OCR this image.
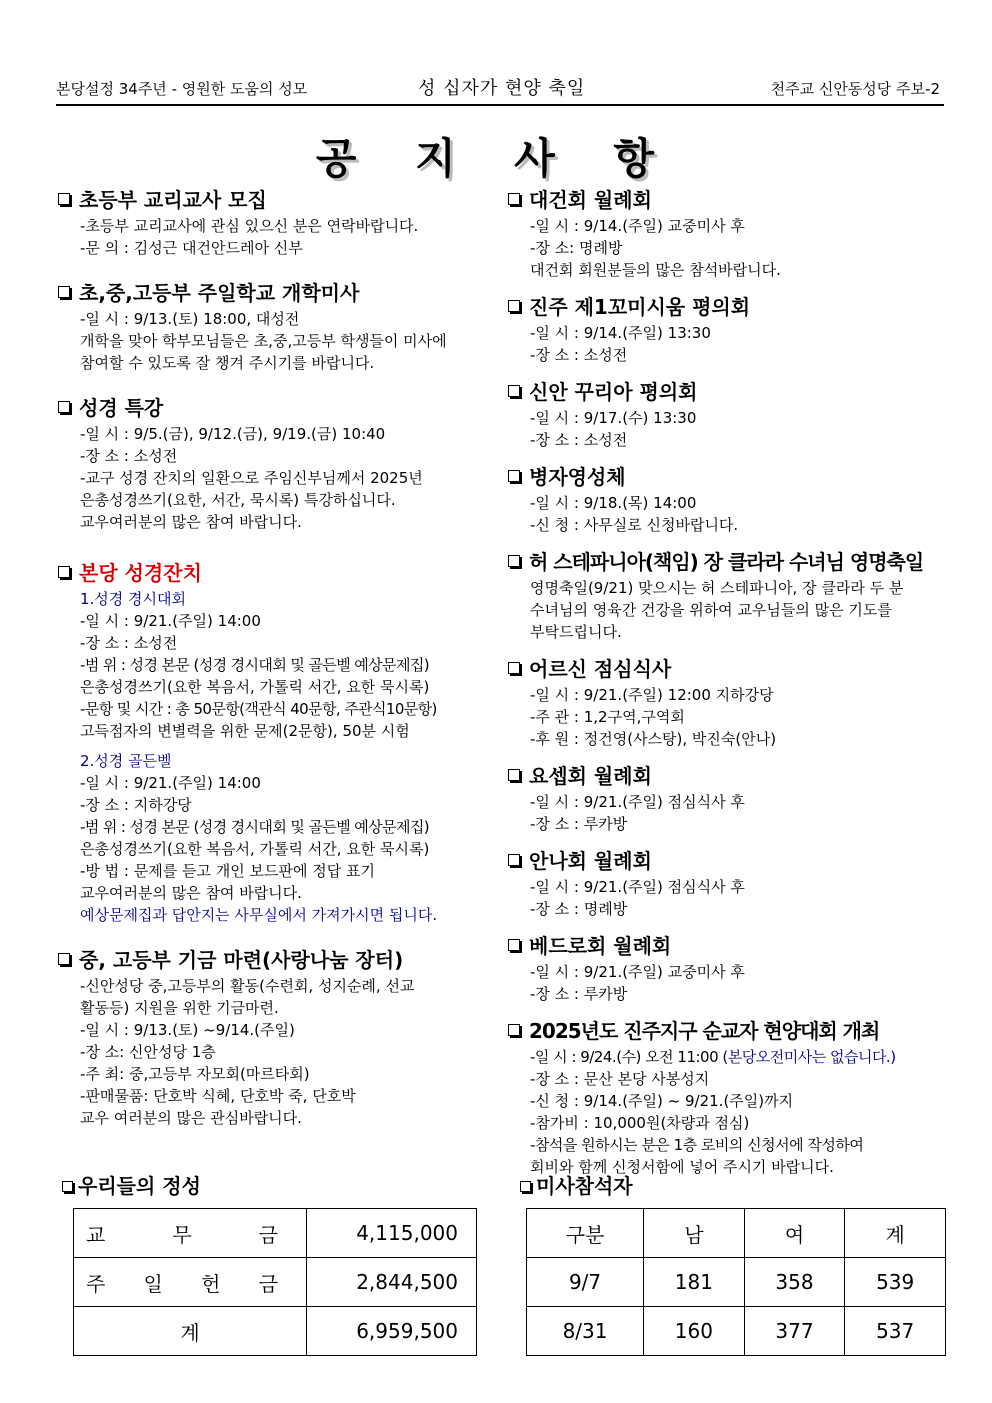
본당설정 34주년 - 영원한 도움의 성모	성 십자가 현양 축일	천주교 신안동성당 주보-2
공 지 사 항
초등부 교리교사 모집
-초등부 교리교사에 관심 있으신 분은 연락바랍니다.
-문 의 : 김성근 대건안드레아 신부
초,중,고등부 주일학교 개학미사
-일 시 : 9/13.(토) 18:00, 대성전
개학을 맞아 학부모님들은 초,중,고등부 학생들이 미사에
참여할 수 있도록 잘 챙겨 주시기를 바랍니다.
성경 특강
-일 시 : 9/5.(금), 9/12.(금), 9/19.(금) 10:40
-장 소 : 소성전
-교구 성경 잔치의 일환으로 주임신부님께서 2025년
은총성경쓰기(요한, 서간, 묵시록) 특강하십니다.
교우여러분의 많은 참여 바랍니다.
본당 성경잔치
1.성경 경시대회
-일 시 : 9/21.(주일) 14:00
-장 소 : 소성전
-범 위 : 성경 본문 (성경 경시대회 및 골든벨 예상문제집)
은총성경쓰기(요한 복음서, 가톨릭 서간, 요한 묵시록)
-문항 및 시간 : 총 50문항(객관식 40문항, 주관식10문항)
고득점자의 변별력을 위한 문제(2문항), 50분 시험
2.성경 골든벨
-일 시 : 9/21.(주일) 14:00
-장 소 : 지하강당
-범 위 : 성경 본문 (성경 경시대회 및 골든벨 예상문제집)
은총성경쓰기(요한 복음서, 가톨릭 서간, 요한 묵시록)
-방 법 : 문제를 듣고 개인 보드판에 정답 표기
교우여러분의 많은 참여 바랍니다.
예상문제집과 답안지는 사무실에서 가져가시면 됩니다.
중, 고등부 기금 마련(사랑나눔 장터)
-신안성당 중,고등부의 활동(수련회, 성지순례, 선교
활동등) 지원을 위한 기금마련.
-일 시 : 9/13.(토) ~9/14.(주일)
-장 소: 신안성당 1층
-주 최: 중,고등부 자모회(마르타회)
-판매물품: 단호박 식혜, 단호박 죽, 단호박
교우 여러분의 많은 관심바랍니다.
대건회 월례회
-일 시 : 9/14.(주일) 교중미사 후
-장 소: 명례방
대건회 회원분들의 많은 참석바랍니다.
진주 제1꼬미시움 평의회
-일 시 : 9/14.(주일) 13:30
-장 소 : 소성전
신안 꾸리아 평의회
-일 시 : 9/17.(수) 13:30
-장 소 : 소성전
병자영성체
-일 시 : 9/18.(목) 14:00
-신 청 : 사무실로 신청바랍니다.
허 스테파니아(책임) 장 클라라 수녀님 영명축일
영명축일(9/21) 맞으시는 허 스테파니아, 장 클라라 두 분
수녀님의 영육간 건강을 위하여 교우님들의 많은 기도를
부탁드립니다.
어르신 점심식사
-일 시 : 9/21.(주일) 12:00 지하강당
-주 관 : 1,2구역,구역회
-후 원 : 정건영(사스탕), 박진숙(안나)
요셉회 월례회
-일 시 : 9/21.(주일) 점심식사 후
-장 소 : 루카방
안나회 월례회
-일 시 : 9/21.(주일) 점심식사 후
-장 소 : 명례방
베드로회 월례회
-일 시 : 9/21.(주일) 교중미사 후
-장 소 : 루카방
2025년도 진주지구 순교자 현양대회 개최
-일 시 : 9/24.(수) 오전 11:00 (본당오전미사는 없습니다.)
-장 소 : 문산 본당 사봉성지
-신 청 : 9/14.(주일) ~ 9/21.(주일)까지
-참가비 : 10,000원(차량과 점심)
-참석을 원하시는 분은 1층 로비의 신청서에 작성하여
회비와 함께 신청서함에 넣어 주시기 바랍니다.
우리들의 정성	미사참석자
교 무 금	4,115,000
주 일 헌 금	2,844,500
계	6,959,500
구분	남	여	계
9/7	181	358	539
8/31	160	377	537
